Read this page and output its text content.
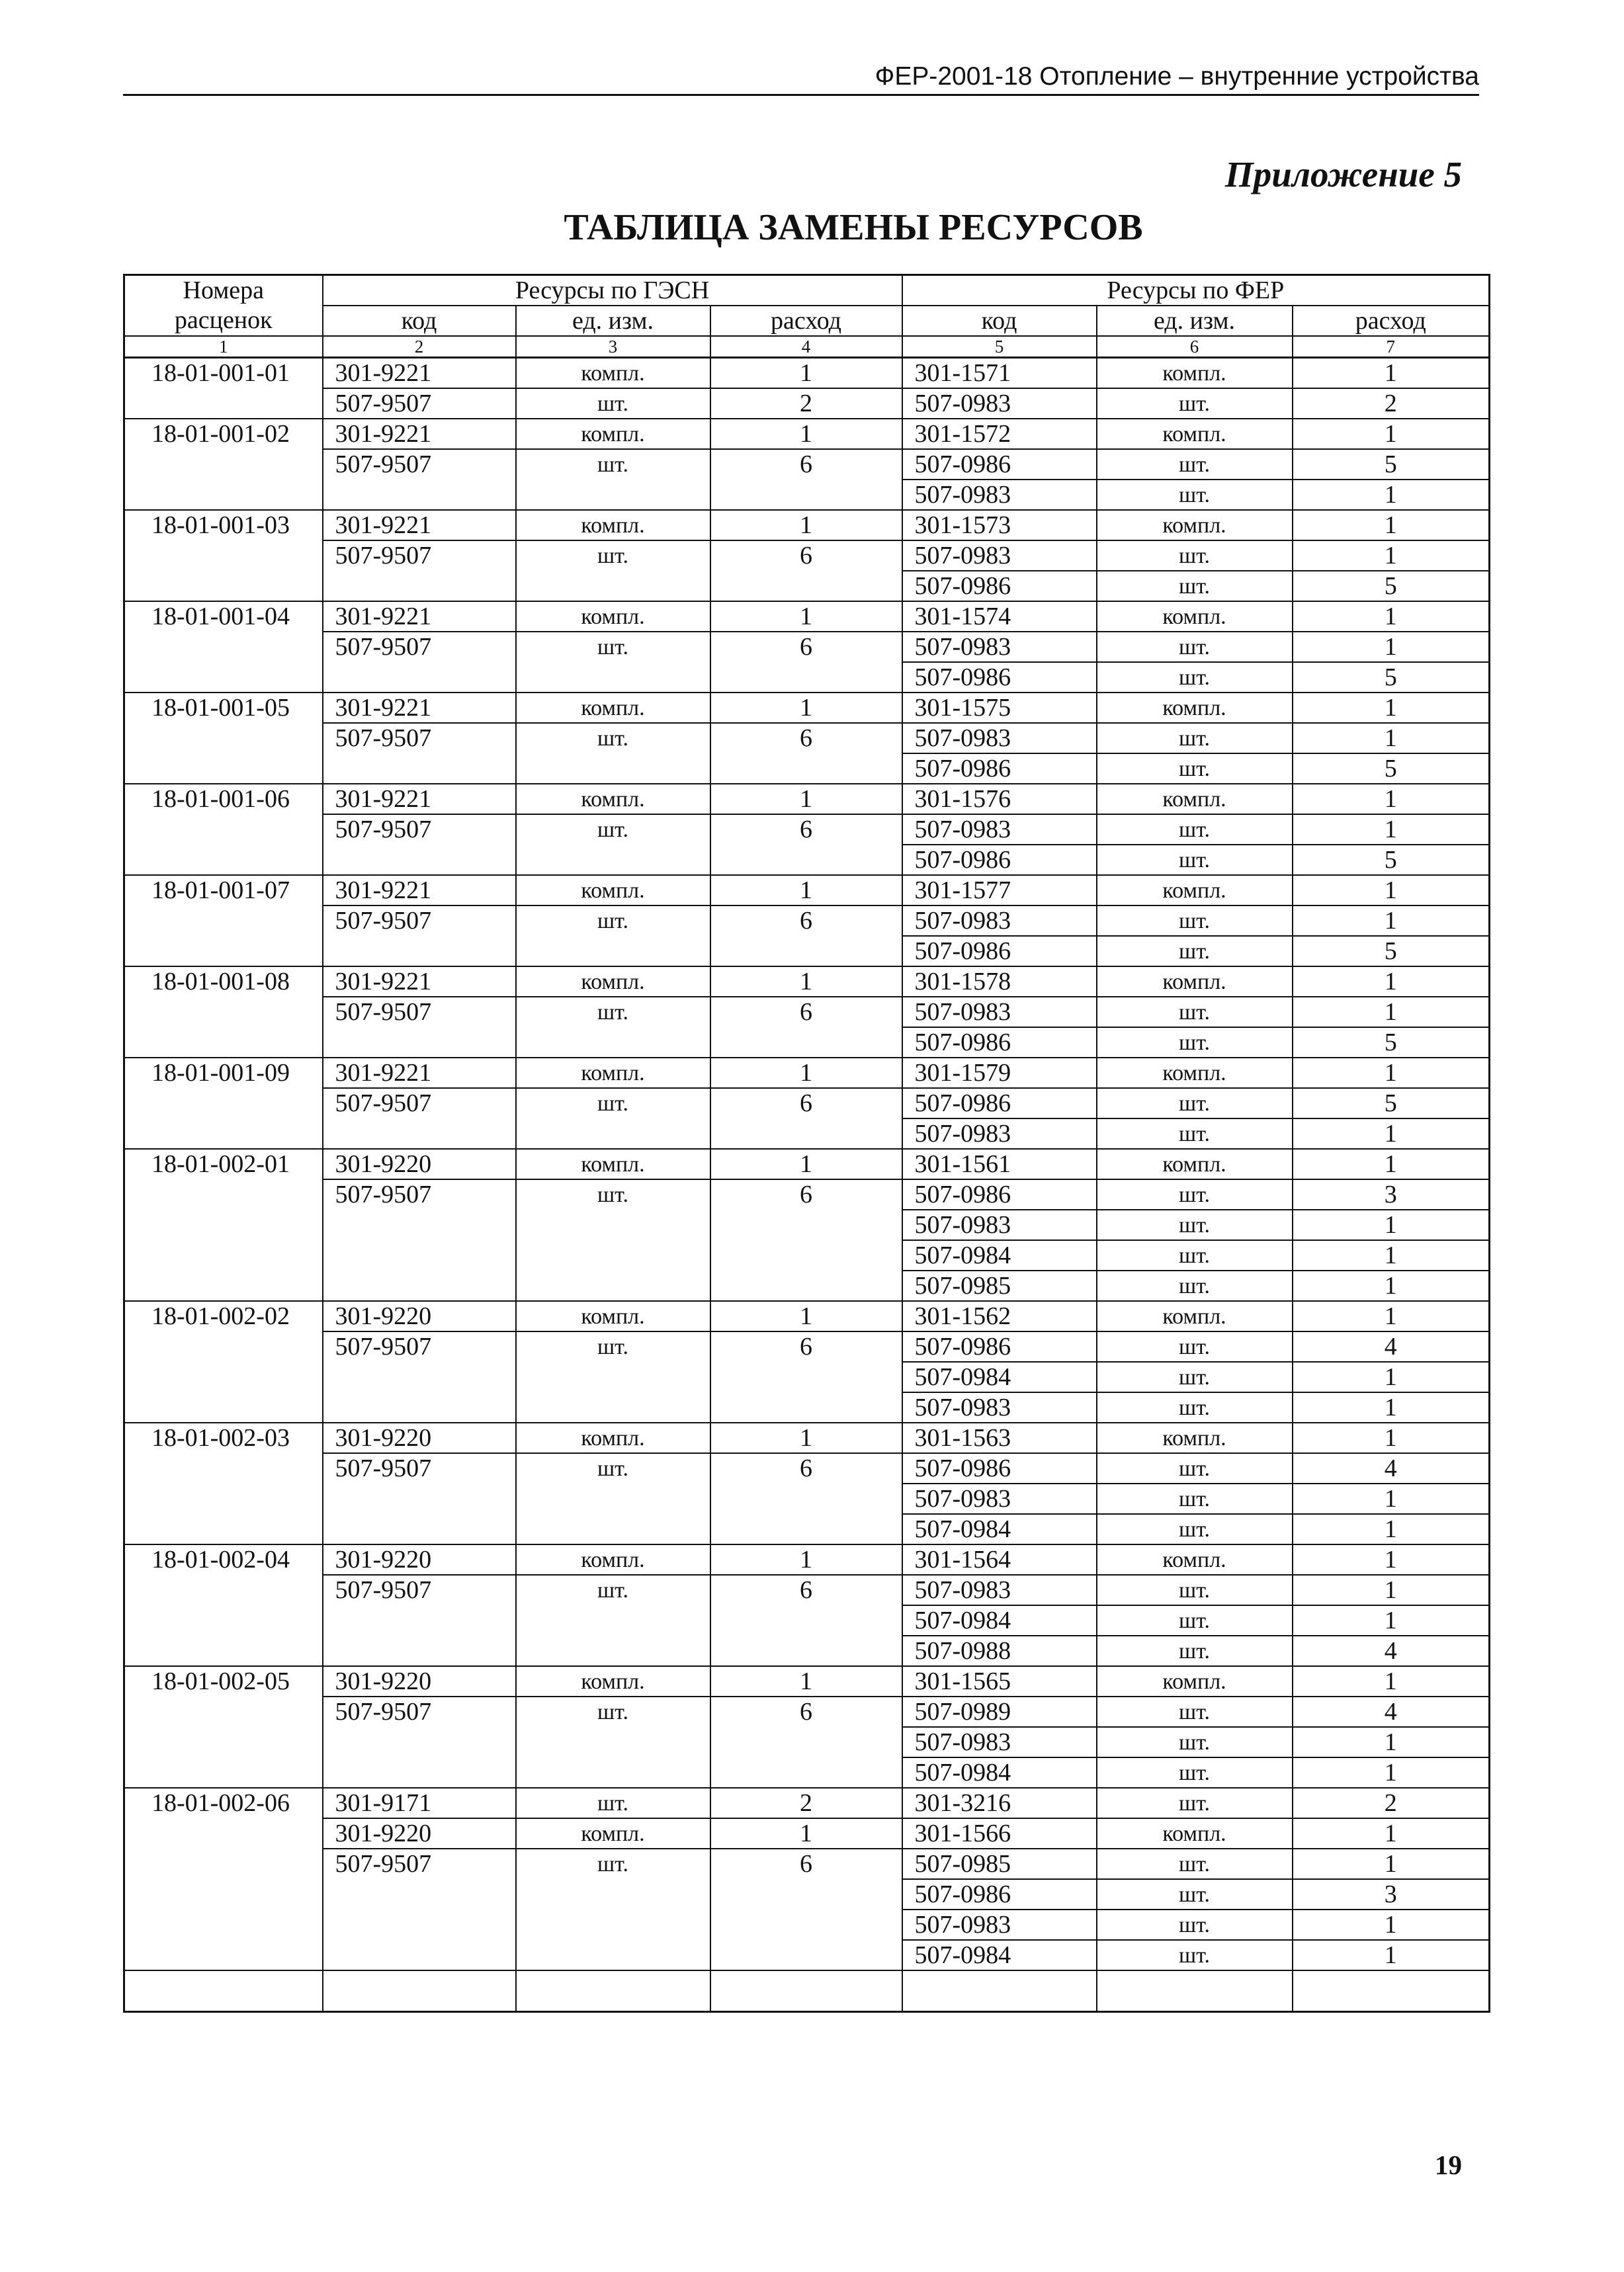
ФЕР-2001-18 Отопление – внутренние устройства
Приложение 5
ТАБЛИЦА ЗАМЕНЫ РЕСУРСОВ
Номера	Ресурсы по ГЭСН			Ресурсы по ФЕР		
расценок	код	ед. изм.	расход	код	ед. изм.	расход
1	2	3	4	5	6	7
18-01-001-01	301-9221	компл.	1	301-1571	компл.	1
	507-9507	шт.	2	507-0983	шт.	2
18-01-001-02	301-9221	компл.	1	301-1572	компл.	1
	507-9507	шт.	6	507-0986	шт.	5
				507-0983	шт.	1
18-01-001-03	301-9221	компл.	1	301-1573	компл.	1
	507-9507	шт.	6	507-0983	шт.	1
				507-0986	шт.	5
18-01-001-04	301-9221	компл.	1	301-1574	компл.	1
	507-9507	шт.	6	507-0983	шт.	1
				507-0986	шт.	5
18-01-001-05	301-9221	компл.	1	301-1575	компл.	1
	507-9507	шт.	6	507-0983	шт.	1
				507-0986	шт.	5
18-01-001-06	301-9221	компл.	1	301-1576	компл.	1
	507-9507	шт.	6	507-0983	шт.	1
				507-0986	шт.	5
18-01-001-07	301-9221	компл.	1	301-1577	компл.	1
	507-9507	шт.	6	507-0983	шт.	1
				507-0986	шт.	5
18-01-001-08	301-9221	компл.	1	301-1578	компл.	1
	507-9507	шт.	6	507-0983	шт.	1
				507-0986	шт.	5
18-01-001-09	301-9221	компл.	1	301-1579	компл.	1
	507-9507	шт.	6	507-0986	шт.	5
				507-0983	шт.	1
18-01-002-01	301-9220	компл.	1	301-1561	компл.	1
	507-9507	шт.	6	507-0986	шт.	3
				507-0983	шт.	1
				507-0984	шт.	1
				507-0985	шт.	1
18-01-002-02	301-9220	компл.	1	301-1562	компл.	1
	507-9507	шт.	6	507-0986	шт.	4
				507-0984	шт.	1
				507-0983	шт.	1
18-01-002-03	301-9220	компл.	1	301-1563	компл.	1
	507-9507	шт.	6	507-0986	шт.	4
				507-0983	шт.	1
				507-0984	шт.	1
18-01-002-04	301-9220	компл.	1	301-1564	компл.	1
	507-9507	шт.	6	507-0983	шт.	1
				507-0984	шт.	1
				507-0988	шт.	4
18-01-002-05	301-9220	компл.	1	301-1565	компл.	1
	507-9507	шт.	6	507-0989	шт.	4
				507-0983	шт.	1
				507-0984	шт.	1
18-01-002-06	301-9171	шт.	2	301-3216	шт.	2
	301-9220	компл.	1	301-1566	компл.	1
	507-9507	шт.	6	507-0985	шт.	1
				507-0986	шт.	3
				507-0983	шт.	1
				507-0984	шт.	1

19
